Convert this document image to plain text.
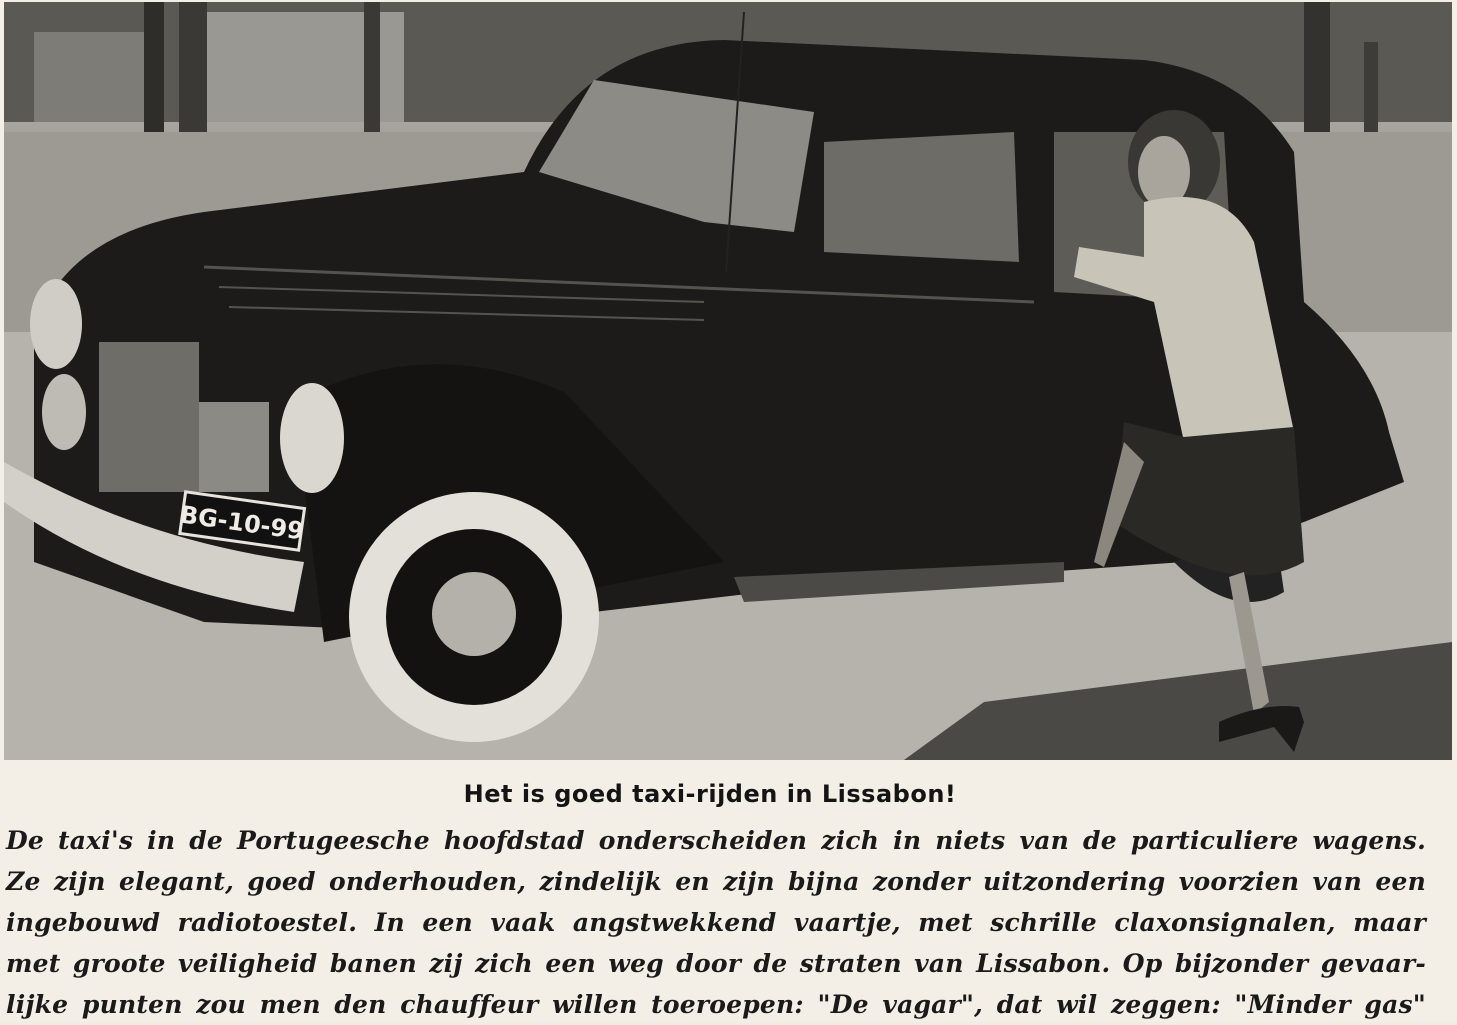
BG-10-99
Het is goed taxi-rijden in Lissabon!
De taxi's in de Portugeesche hoofdstad onderscheiden zich in niets van de particuliere wagens.
Ze zijn elegant, goed onderhouden, zindelijk en zijn bijna zonder uitzondering voorzien van een
ingebouwd radiotoestel. In een vaak angstwekkend vaartje, met schrille claxonsignalen, maar
met groote veiligheid banen zij zich een weg door de straten van Lissabon. Op bijzonder gevaar-
lijke punten zou men den chauffeur willen toeroepen: "De vagar", dat wil zeggen: "Minder gas"
